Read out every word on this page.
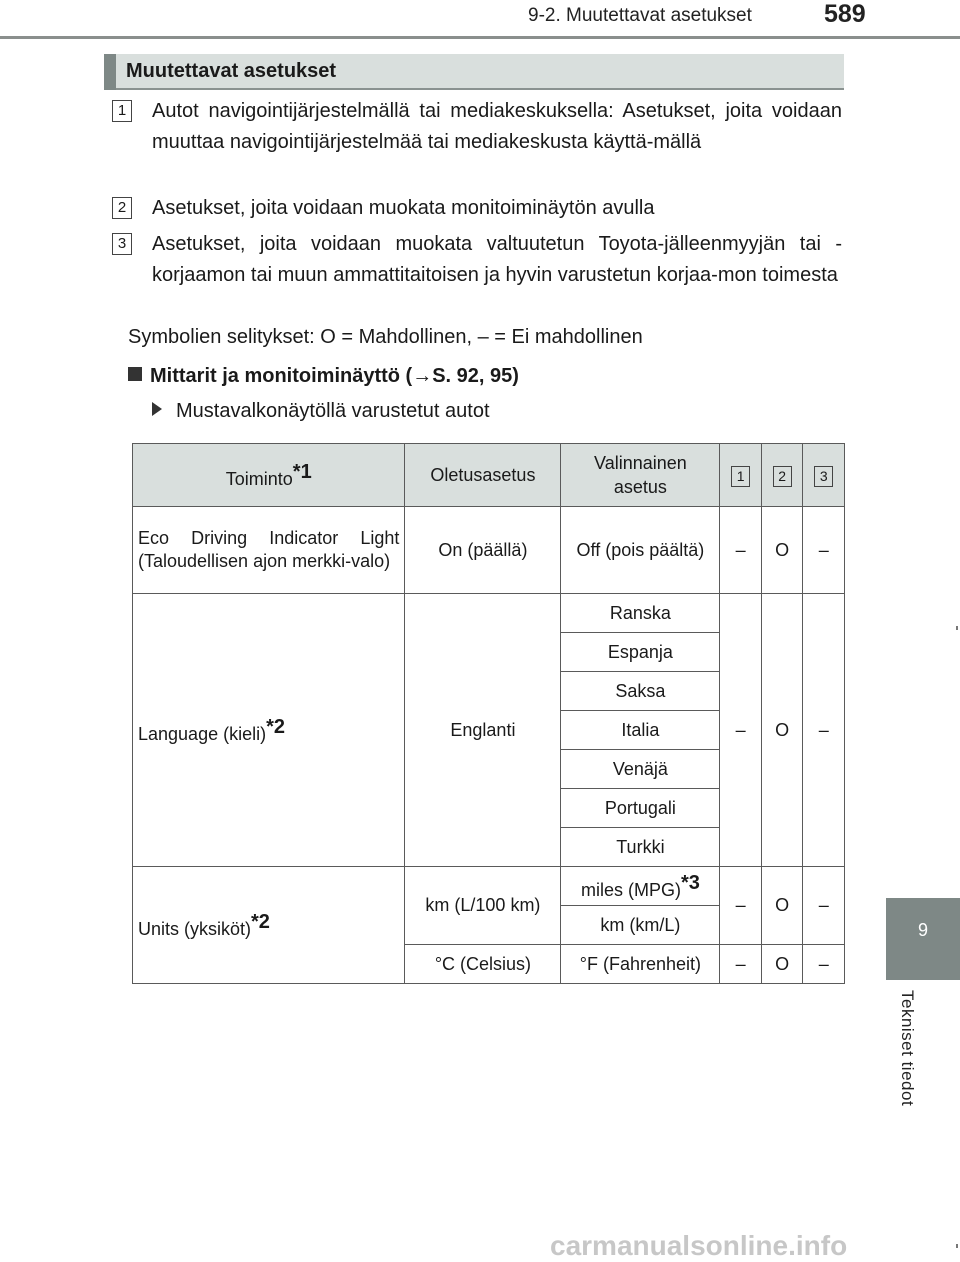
9-2. Muutettavat asetukset	589
Muutettavat asetukset
1 Autot navigointijärjestelmällä tai mediakeskuksella: Asetukset, joita voidaan muuttaa navigointijärjestelmää tai mediakeskusta käyttä-mällä
2 Asetukset, joita voidaan muokata monitoiminäytön avulla
3 Asetukset, joita voidaan muokata valtuutetun Toyota-jälleenmyyjän tai -korjaamon tai muun ammattitaitoisen ja hyvin varustetun korjaa-mon toimesta
Symbolien selitykset: O = Mahdollinen, – = Ei mahdollinen
Mittarit ja monitoiminäyttö (→S. 92, 95)
Mustavalkonäytöllä varustetut autot
Toiminto$^{*1}$	Oletusasetus	Valinnainen asetus	1	2	3
Eco Driving Indicator Light (Taloudellisen ajon merkki-valo)	On (päällä)	Off (pois päältä)	–	O	–
Language (kieli)$^{*2}$	Englanti	Ranska	–	O	–
		Espanja			
		Saksa			
		Italia			
		Venäjä			
		Portugali			
		Turkki			
Units (yksiköt)$^{*2}$	km (L/100 km)	miles (MPG)$^{*3}$	–	O	–
		km (km/L)			
	°C (Celsius)	°F (Fahrenheit)	–	O	–
9
Tekniset tiedot
carmanualsonline.info
